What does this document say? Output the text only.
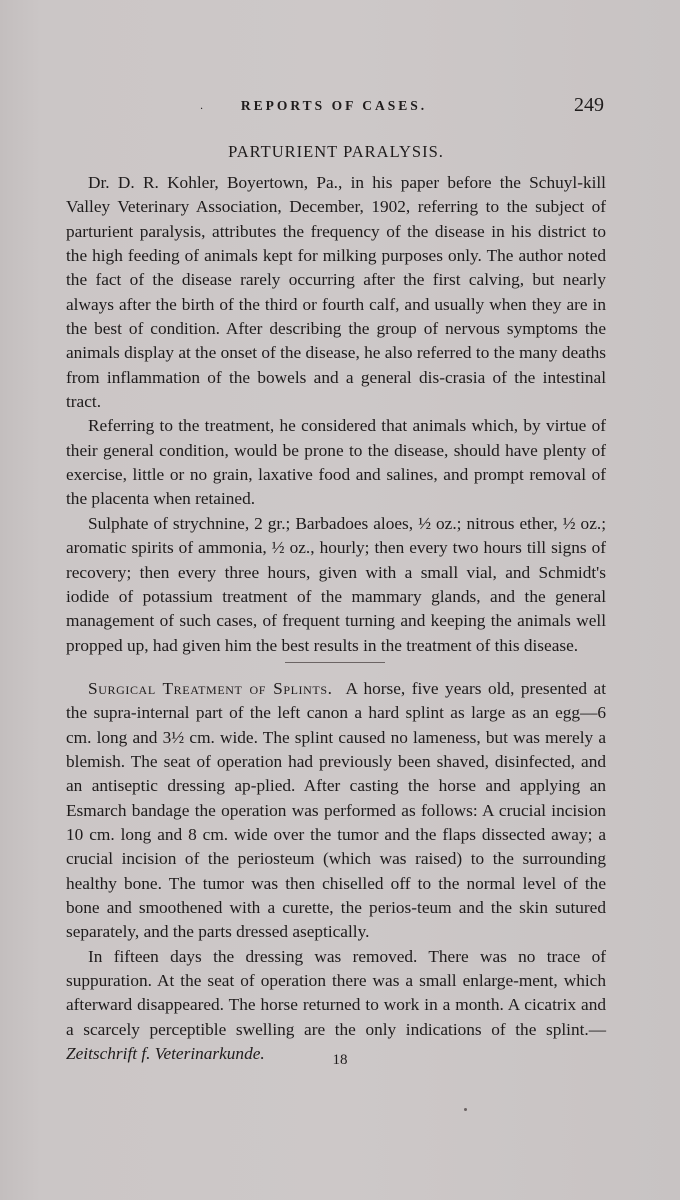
·	REPORTS OF CASES.	249
PARTURIENT PARALYSIS.

Dr. D. R. Kohler, Boyertown, Pa., in his paper before the Schuyl-kill Valley Veterinary Association, December, 1902, referring to the subject of parturient paralysis, attributes the frequency of the disease in his district to the high feeding of animals kept for milking purposes only. The author noted the fact of the disease rarely occurring after the first calving, but nearly always after the birth of the third or fourth calf, and usually when they are in the best of condition. After describing the group of nervous symptoms the animals display at the onset of the disease, he also referred to the many deaths from inflammation of the bowels and a general dis-crasia of the intestinal tract.

Referring to the treatment, he considered that animals which, by virtue of their general condition, would be prone to the disease, should have plenty of exercise, little or no grain, laxative food and salines, and prompt removal of the placenta when retained.

Sulphate of strychnine, 2 gr.; Barbadoes aloes, ½ oz.; nitrous ether, ½ oz.; aromatic spirits of ammonia, ½ oz., hourly; then every two hours till signs of recovery; then every three hours, given with a small vial, and Schmidt's iodide of potassium treatment of the mammary glands, and the general management of such cases, of frequent turning and keeping the animals well propped up, had given him the best results in the treatment of this disease.

Surgical Treatment of Splints. A horse, five years old, presented at the supra-internal part of the left canon a hard splint as large as an egg—6 cm. long and 3½ cm. wide. The splint caused no lameness, but was merely a blemish. The seat of operation had previously been shaved, disinfected, and an antiseptic dressing ap-plied. After casting the horse and applying an Esmarch bandage the operation was performed as follows: A crucial incision 10 cm. long and 8 cm. wide over the tumor and the flaps dissected away; a crucial incision of the periosteum (which was raised) to the surrounding healthy bone. The tumor was then chiselled off to the normal level of the bone and smoothened with a curette, the perios-teum and the skin sutured separately, and the parts dressed aseptically.

In fifteen days the dressing was removed. There was no trace of suppuration. At the seat of operation there was a small enlarge-ment, which afterward disappeared. The horse returned to work in a month. A cicatrix and a scarcely perceptible swelling are the only indications of the splint.—Zeitschrift f. Veterinarkunde.	18
